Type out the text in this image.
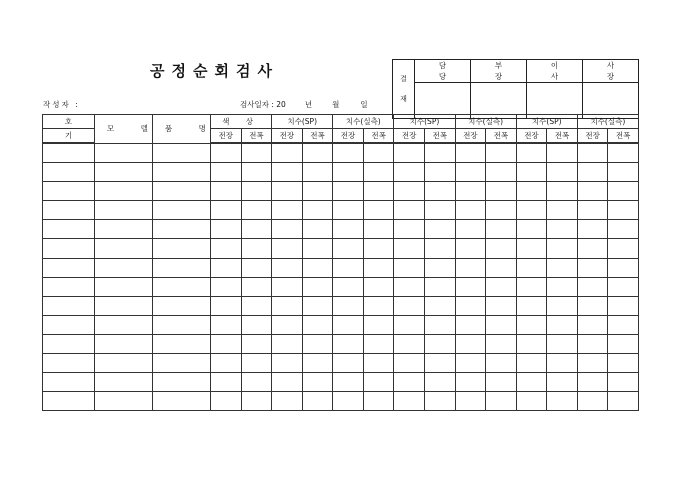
공정순회검사
작성자 :	검사일자 : 20	년	월	일
결
재	담 당	부 장	이 사	사 장

호	모 델	품 명	색 상		치수(SP)		치수(실측)		치수(SP)		치수(실측)		치수(SP)		치수(실측)	
기			전장	전폭	전장	전폭	전장	전폭	전장	전폭	전장	전폭	전장	전폭	전장	전폭
